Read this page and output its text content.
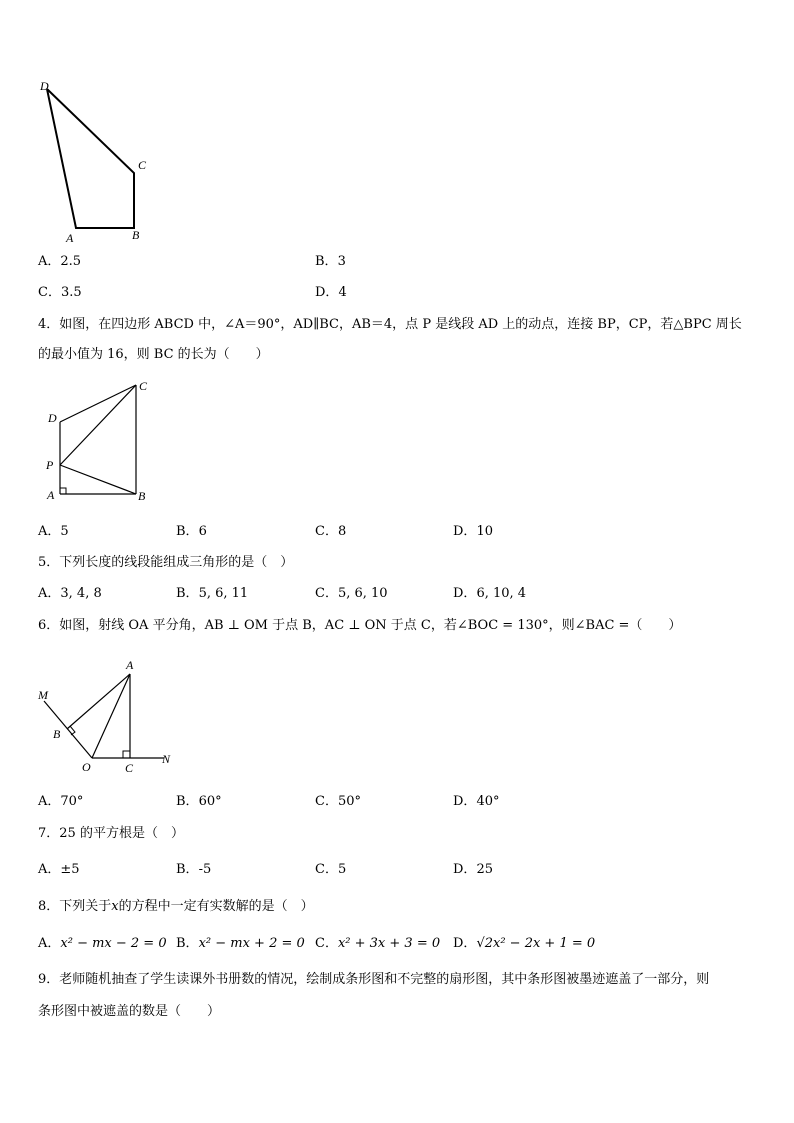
D
C
A	B
A．2.5	B．3
C．3.5	D．4
4．如图，在四边形 ABCD 中，∠A＝90°，AD∥BC，AB＝4，点 P 是线段 AD 上的动点，连接 BP，CP，若△BPC 周长
的最小值为 16，则 BC 的长为（　　）
C
D
P
A	B
A．5	B．6	C．8	D．10
5．下列长度的线段能组成三角形的是（　）
A．3, 4, 8	B．5, 6, 11	C．5, 6, 10	D．6, 10, 4
6．如图，射线 OA 平分角，AB ⊥ OM 于点 B，AC ⊥ ON 于点 C，若∠BOC = 130°，则∠BAC =（　　）
A
M
B
O	C
N
A．70°	B．60°	C．50°	D．40°
7．25 的平方根是（　）
A．±5	B．-5	C．5	D．25
8．下列关于x的方程中一定有实数解的是（　）
A．x² − mx − 2 = 0 B．x² − mx + 2 = 0 C．x² + 3x + 3 = 0 D．√2x² − 2x + 1 = 0
9．老师随机抽查了学生读课外书册数的情况，绘制成条形图和不完整的扇形图，其中条形图被墨迹遮盖了一部分，则
条形图中被遮盖的数是（　　）
